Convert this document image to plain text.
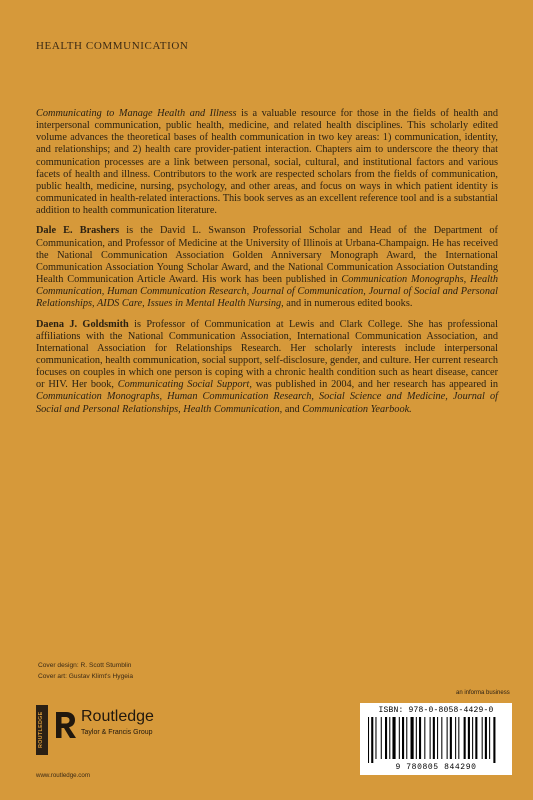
HEALTH COMMUNICATION

Communicating to Manage Health and Illness is a valuable resource for those in the fields of health and interpersonal communication, public health, medicine, and related health disciplines. This scholarly edited volume advances the theoretical bases of health communication in two key areas: 1) communication, identity, and relationships; and 2) health care provider-patient interaction. Chapters aim to underscore the theory that communication processes are a link between personal, social, cultural, and institutional factors and various facets of health and illness. Contributors to the work are respected scholars from the fields of communication, public health, medicine, nursing, psychology, and other areas, and focus on ways in which patient identity is communicated in health-related interactions. This book serves as an excellent reference tool and is a substantial addition to health communication literature.

Dale E. Brashers is the David L. Swanson Professorial Scholar and Head of the Department of Communication, and Professor of Medicine at the University of Illinois at Urbana-Champaign. He has received the National Communication Association Golden Anniversary Monograph Award, the International Communication Association Young Scholar Award, and the National Communication Association Outstanding Health Communication Article Award. His work has been published in Communication Monographs, Health Communication, Human Communication Research, Journal of Communication, Journal of Social and Personal Relationships, AIDS Care, Issues in Mental Health Nursing, and in numerous edited books.

Daena J. Goldsmith is Professor of Communication at Lewis and Clark College. She has professional affiliations with the National Communication Association, International Communication Association, and International Association for Relationships Research. Her scholarly interests include interpersonal communication, health communication, social support, self-disclosure, gender, and culture. Her current research focuses on couples in which one person is coping with a chronic health condition such as heart disease, cancer or HIV. Her book, Communicating Social Support, was published in 2004, and her research has appeared in Communication Monographs, Human Communication Research, Social Science and Medicine, Journal of Social and Personal Relationships, Health Communication, and Communication Yearbook.

Cover design: R. Scott Stumblin
Cover art: Gustav Klimt's Hygeia
ROUTLEDGE Routledge
Taylor & Francis Group
www.routledge.com
an informa business
ISBN: 978-0-8058-4429-0
9 780805 844290
